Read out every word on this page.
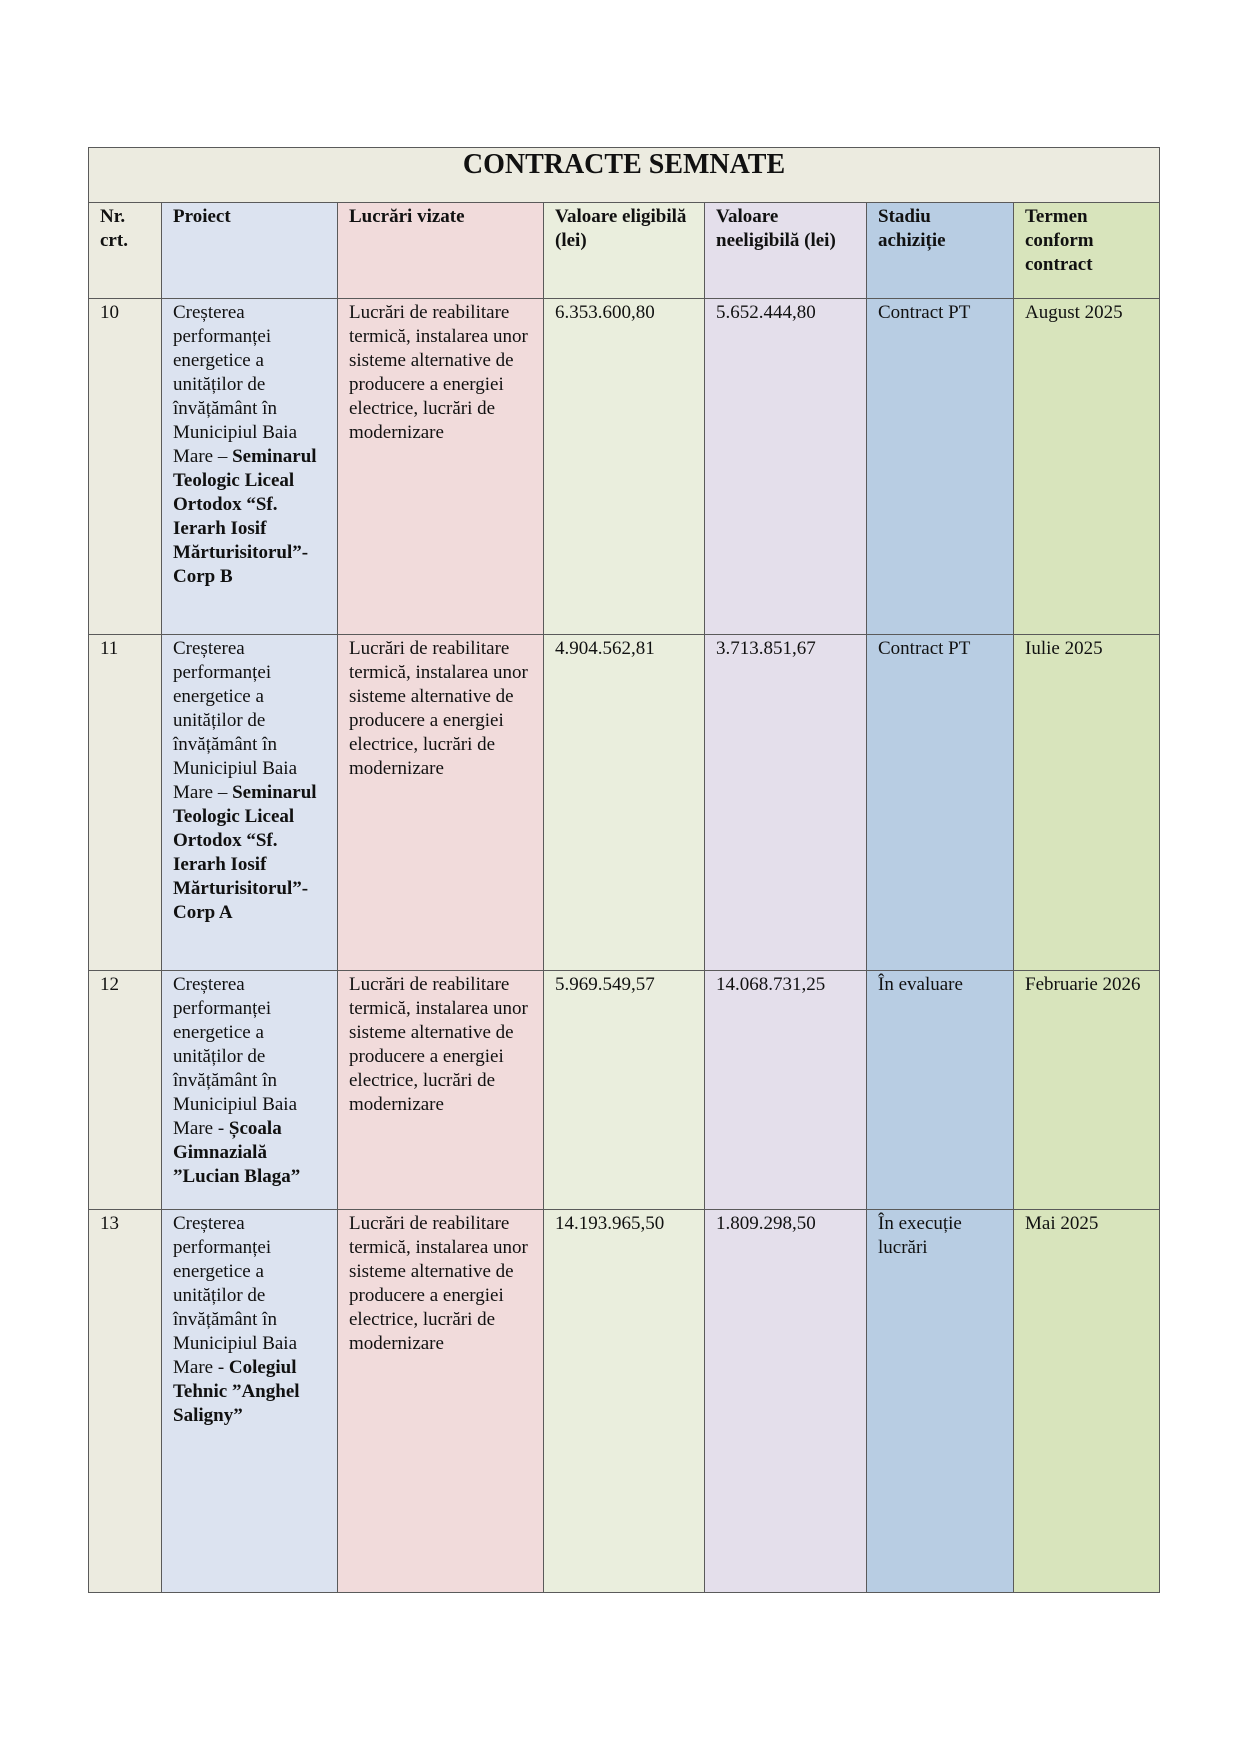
CONTRACTE SEMNATE						
Nr. crt.	Proiect	Lucrări vizate	Valoare eligibilă (lei)	Valoare neeligibilă (lei)	Stadiu achiziție	Termen conform contract
10	Creșterea performanței energetice a unităților de învățământ în Municipiul Baia Mare – Seminarul Teologic Liceal Ortodox “Sf. Ierarh Iosif Mărturisitorul”- Corp B	Lucrări de reabilitare termică, instalarea unor sisteme alternative de producere a energiei electrice, lucrări de modernizare	6.353.600,80	5.652.444,80	Contract PT	August 2025
11	Creșterea performanței energetice a unităților de învățământ în Municipiul Baia Mare – Seminarul Teologic Liceal Ortodox “Sf. Ierarh Iosif Mărturisitorul”- Corp A	Lucrări de reabilitare termică, instalarea unor sisteme alternative de producere a energiei electrice, lucrări de modernizare	4.904.562,81	3.713.851,67	Contract PT	Iulie 2025
12	Creșterea performanței energetice a unităților de învățământ în Municipiul Baia Mare - Școala Gimnazială ”Lucian Blaga”	Lucrări de reabilitare termică, instalarea unor sisteme alternative de producere a energiei electrice, lucrări de modernizare	5.969.549,57	14.068.731,25	În evaluare	Februarie 2026
13	Creșterea performanței energetice a unităților de învățământ în Municipiul Baia Mare - Colegiul Tehnic ”Anghel Saligny”	Lucrări de reabilitare termică, instalarea unor sisteme alternative de producere a energiei electrice, lucrări de modernizare	14.193.965,50	1.809.298,50	În execuție lucrări	Mai 2025
